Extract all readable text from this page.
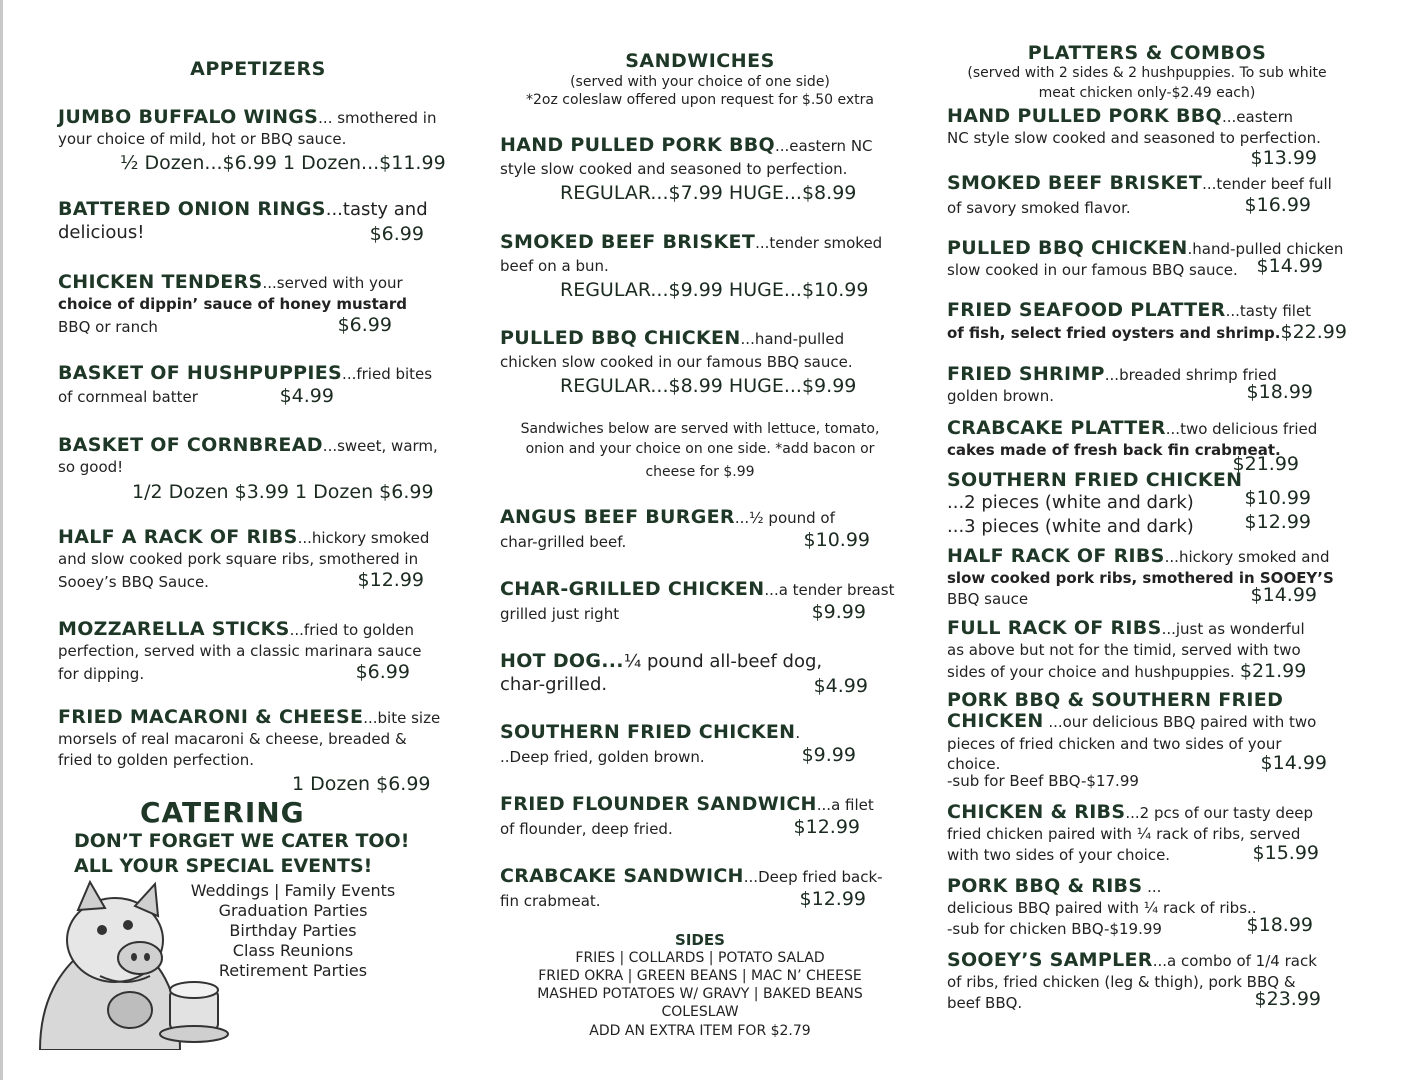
APPETIZERS
JUMBO BUFFALO WINGS... smothered in
your choice of mild, hot or BBQ sauce.
½ Dozen...$6.99 1 Dozen...$11.99
BATTERED ONION RINGS...tasty and
delicious!	$6.99
CHICKEN TENDERS...served with your
choice of dippin’ sauce of honey mustard
BBQ or ranch	$6.99
BASKET OF HUSHPUPPIES...fried bites
of cornmeal batter	$4.99
BASKET OF CORNBREAD...sweet, warm,
so good!
1/2 Dozen $3.99 1 Dozen $6.99
HALF A RACK OF RIBS...hickory smoked
and slow cooked pork square ribs, smothered in
Sooey’s BBQ Sauce.	$12.99
MOZZARELLA STICKS...fried to golden
perfection, served with a classic marinara sauce
for dipping.	$6.99
FRIED MACARONI & CHEESE...bite size
morsels of real macaroni & cheese, breaded &
fried to golden perfection.
1 Dozen $6.99
CATERING
DON’T FORGET WE CATER TOO!
ALL YOUR SPECIAL EVENTS!
Weddings | Family Events
Graduation Parties
Birthday Parties
Class Reunions
Retirement Parties
SANDWICHES
(served with your choice of one side)
*2oz coleslaw offered upon request for $.50 extra
HAND PULLED PORK BBQ...eastern NC
style slow cooked and seasoned to perfection.
REGULAR...$7.99 HUGE...$8.99
SMOKED BEEF BRISKET...tender smoked
beef on a bun.
REGULAR...$9.99 HUGE...$10.99
PULLED BBQ CHICKEN...hand-pulled
chicken slow cooked in our famous BBQ sauce.
REGULAR...$8.99 HUGE...$9.99
Sandwiches below are served with lettuce, tomato,
onion and your choice on one side. *add bacon or
cheese for $.99
ANGUS BEEF BURGER...½ pound of
char-grilled beef.	$10.99
CHAR-GRILLED CHICKEN...a tender breast
grilled just right	$9.99
HOT DOG...¼ pound all-beef dog,
char-grilled.	$4.99
SOUTHERN FRIED CHICKEN.
..Deep fried, golden brown.	$9.99
FRIED FLOUNDER SANDWICH...a filet
of flounder, deep fried.	$12.99
CRABCAKE SANDWICH...Deep fried back-
fin crabmeat.	$12.99
SIDES
FRIES | COLLARDS | POTATO SALAD
FRIED OKRA | GREEN BEANS | MAC N’ CHEESE
MASHED POTATOES W/ GRAVY | BAKED BEANS
COLESLAW
ADD AN EXTRA ITEM FOR $2.79
PLATTERS & COMBOS
(served with 2 sides & 2 hushpuppies. To sub white
meat chicken only-$2.49 each)
HAND PULLED PORK BBQ...eastern
NC style slow cooked and seasoned to perfection.
$13.99
SMOKED BEEF BRISKET...tender beef full
of savory smoked flavor.	$16.99
PULLED BBQ CHICKEN.hand-pulled chicken
slow cooked in our famous BBQ sauce. $14.99
FRIED SEAFOOD PLATTER...tasty filet
of fish, select fried oysters and shrimp.$22.99
FRIED SHRIMP...breaded shrimp fried
golden brown.	$18.99
CRABCAKE PLATTER...two delicious fried
cakes made of fresh back fin crabmeat.
$21.99
SOUTHERN FRIED CHICKEN
...2 pieces (white and dark)
...3 pieces (white and dark)
$10.99
$12.99
HALF RACK OF RIBS...hickory smoked and
slow cooked pork ribs, smothered in SOOEY’S
BBQ sauce	$14.99
FULL RACK OF RIBS...just as wonderful
as above but not for the timid, served with two
sides of your choice and hushpuppies. $21.99
PORK BBQ & SOUTHERN FRIED
CHICKEN ...our delicious BBQ paired with two
pieces of fried chicken and two sides of your
choice.
-sub for Beef BBQ-$17.99
$14.99
CHICKEN & RIBS...2 pcs of our tasty deep
fried chicken paired with ¼ rack of ribs, served
with two sides of your choice.	$15.99
PORK BBQ & RIBS ...
delicious BBQ paired with ¼ rack of ribs..
-sub for chicken BBQ-$19.99	$18.99
SOOEY’S SAMPLER...a combo of 1/4 rack
of ribs, fried chicken (leg & thigh), pork BBQ &
beef BBQ.	$23.99
